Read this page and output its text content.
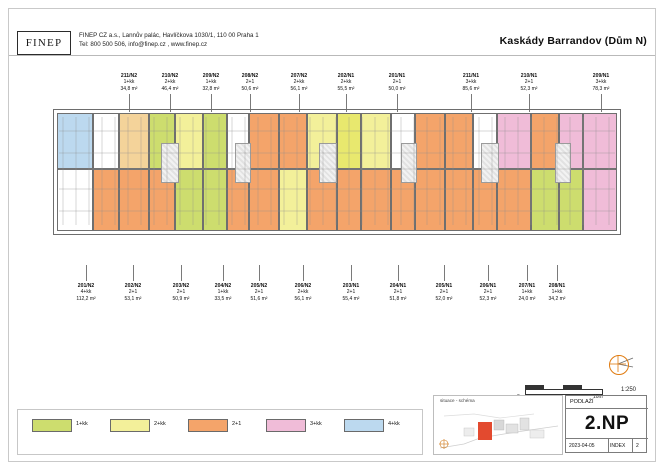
FINEP
FINEP CZ a.s., Lannův palác, Havlíčkova 1030/1, 110 00 Praha 1
Tel: 800 500 506, info@finep.cz , www.finep.cz	Kaskády Barrandov (Dům N)
211/N2
1+kk
34,8 m²
210/N2
2+kk
46,4 m²
209/N2
1+kk
32,8 m²
208/N2
2+1
50,6 m²
207/N2
2+kk
56,1 m²
202/N1
2+kk
55,5 m²
201/N1
2+1
50,0 m²
211/N1
3+kk
85,6 m²
210/N1
2+1
52,3 m²
209/N1
3+kk
78,3 m²
201/N2
4+kk
112,2 m²
202/N2
2+1
53,1 m²
203/N2
2+1
50,9 m²
204/N2
1+kk
33,5 m²
205/N2
2+1
51,6 m²
206/N2
2+kk
56,1 m²
203/N1
2+1
55,4 m²
204/N1
2+1
51,8 m²
205/N1
2+1
52,0 m²
206/N1
2+1
52,3 m²
207/N1
1+kk
24,0 m²
208/N1
1+kk
34,2 m²
10m
1:250
1+kk	2+kk	2+1	3+kk	4+kk
situace - schéma	PODLAŽÍ
2.NP
2023-04-05	INDEX 2
